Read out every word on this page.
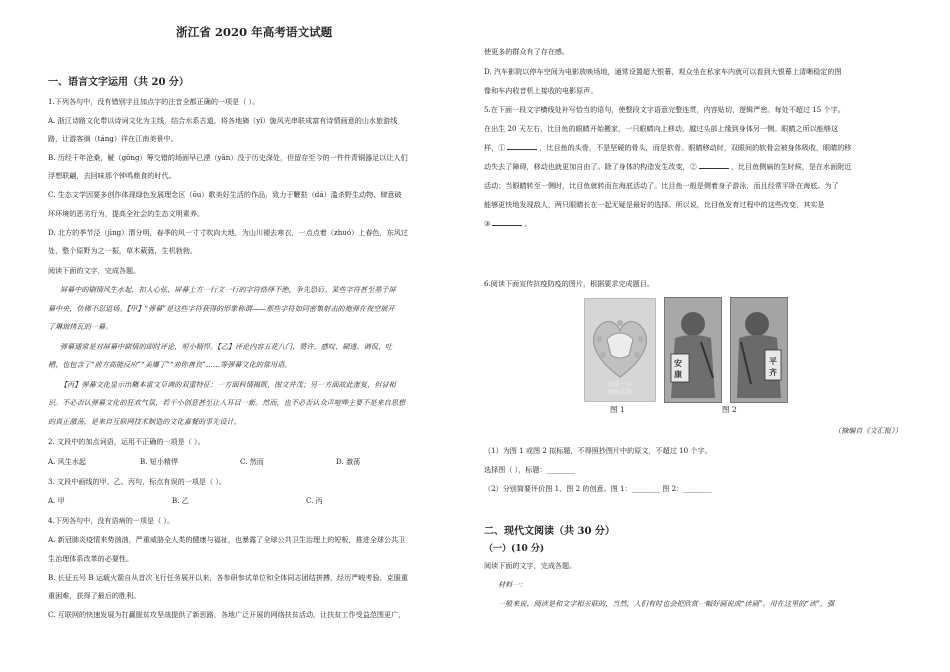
浙江省 2020 年高考语文试题
一、语言文字运用（共 20 分）
1.下列各句中，没有错别字且加点字的注音全都正确的一项是（ ）。
A. 浙江诗路文化带以诗词文化为主线，结合水系古道，将各地旖（yǐ）旎风光串联成富有诗情画意的山水旅游线
路，让游客徜（táng）徉在江南美景中。
B. 历经千年沧桑，觥（gōng）筹交错的场面早已湮（yān）没于历史深处，但留存至今的一件件青铜器足以让人们
浮想联翩，去回味那个钟鸣鼎食的时代。
C. 生态文学因要多创作体现绿色发展理念区（ōu）歌美好生活的作品，致力于鞭挞（dá）滥杀野生动物、肆意破
坏环境的恶劣行为，提高全社会的生态文明素养。
D. 北方的季节泾（jìng）渭分明，春季的风一寸寸吹向大地，为山川褪去寒衣，一点点着（zhuó）上春色，东风过
处，整个原野为之一振，草木葳蕤，生机勃勃。
阅读下面的文字，完成各题。
屏幕中的刷情风生水起，扣人心弦，屏幕上方一行文一行的字符络绎不绝，争先恐后。某些字符甚至基于屏
幕中央，仿佛不忍退场。【甲】“弹幕”是这些字符获得的形象称谓——那些字符如同密集射击的炮弹在夜空展开
了琳琅烤瓦的一幕。
弹幕通常是对屏幕中剧情的即时评论，短小精悍。【乙】评论内容五花八门，赞许、感叹、刷透、调侃、吐
槽，也包含了“前方高能反应”“美爆了”“劝你善良”……等弹幕文化的常用语。
【丙】弹幕文化显示出概本雷文草调的双重特征：一方面科情揭既，图文并茂；另一方面故此蛋复，但冒相
识。不必否认弹幕文化的狂欢气氛，若干小创意甚至让人耳目一新。然而，也不必否认众声喧哗主要不是来自思想
的真正激荡，是来自互联网技术制造的文化嘉餐的事先设计。
2. 文段中的加点词语，运用不正确的一项是（ ）。
A. 风生水起	B. 短小精悍	C. 然而	D. 激荡
3. 文段中画线的甲、乙、丙句，标点有误的一项是（ ）。
A. 甲	B. 乙	C. 丙
4.下列各句中，没有语病的一项是（ ）。
A. 新冠肺炎疫情来势汹汹，严重威胁全人类的健康与福祉，也暴露了全球公共卫生治理上的短板，推进全球公共卫
生治理体系改革的必要性。
B. 长征五号 B 运载火箭自从首次飞行任务展开以来，各参研参试单位和全体同志团结拼搏，经历严峻考验，克服重
重困难，获得了最后的胜利。
C. 互联网的快速发展为打赢脱贫攻坚战提供了新思路，各地广泛开展的网络扶贫活动，让扶贫工作受益范围更广，
使更多的群众有了存在感。
D. 汽车影院以停车空间为电影放映场地，通常设置超大银幕，观众坐在私家车内就可以看到大银幕上清晰稳定的图
像和车内收音机上接收的电影原声。
5.在下面一段文字横线处补写恰当的语句，使整段文字语意完整连贯，内容贴切，逻辑严密。每处不超过 15 个字。
在出生 20 天左右，比目鱼的眼睛开始搬家，一只眼睛向上移动，越过头部上缘到身体另一侧。眼睛之所以能够这
样，①	，比目鱼的头骨，不是坚硬的骨头，而是软骨。眼睛移动时，双眼间的软骨会被身体吸收，眼睛的移
动失去了障碍，移动也就更加自由了。除了身体的构造发生改变，②	，比目鱼侧扁的生时候，是在水面附近
活动；当眼睛转至一侧时，比目鱼就转而在海底活动了。比目鱼一般是侧着身子游泳，而且经常平卧在海底。为了
能够更快地发现敌人，两只眼睛长在一起无疑是最好的选择。所以说，比目鱼发育过程中的这些改变，其实是
③	。
6.阅读下面宣传抗疫防疫的图片，根据要求完成题目。
万众一心
同舟共济
安
康
平
齐
图 1	图 2
（摘编自《文汇报》）
（1）为图 1 或图 2 拟标题，不得照抄图片中的原文，不超过 10 个字。
选择图（ ），标题：________
（2）分别简要评价图 1、图 2 的创意。图 1：________ 图 2：________
二、现代文阅读（共 30 分）
（一）(10 分)
阅读下面的文字，完成各题。
材料一：
一般来说，阅读是和文字相关联的，当然，人们有时也会把欣赏一幅好画说成“读画”。用在这里的“读”，强
